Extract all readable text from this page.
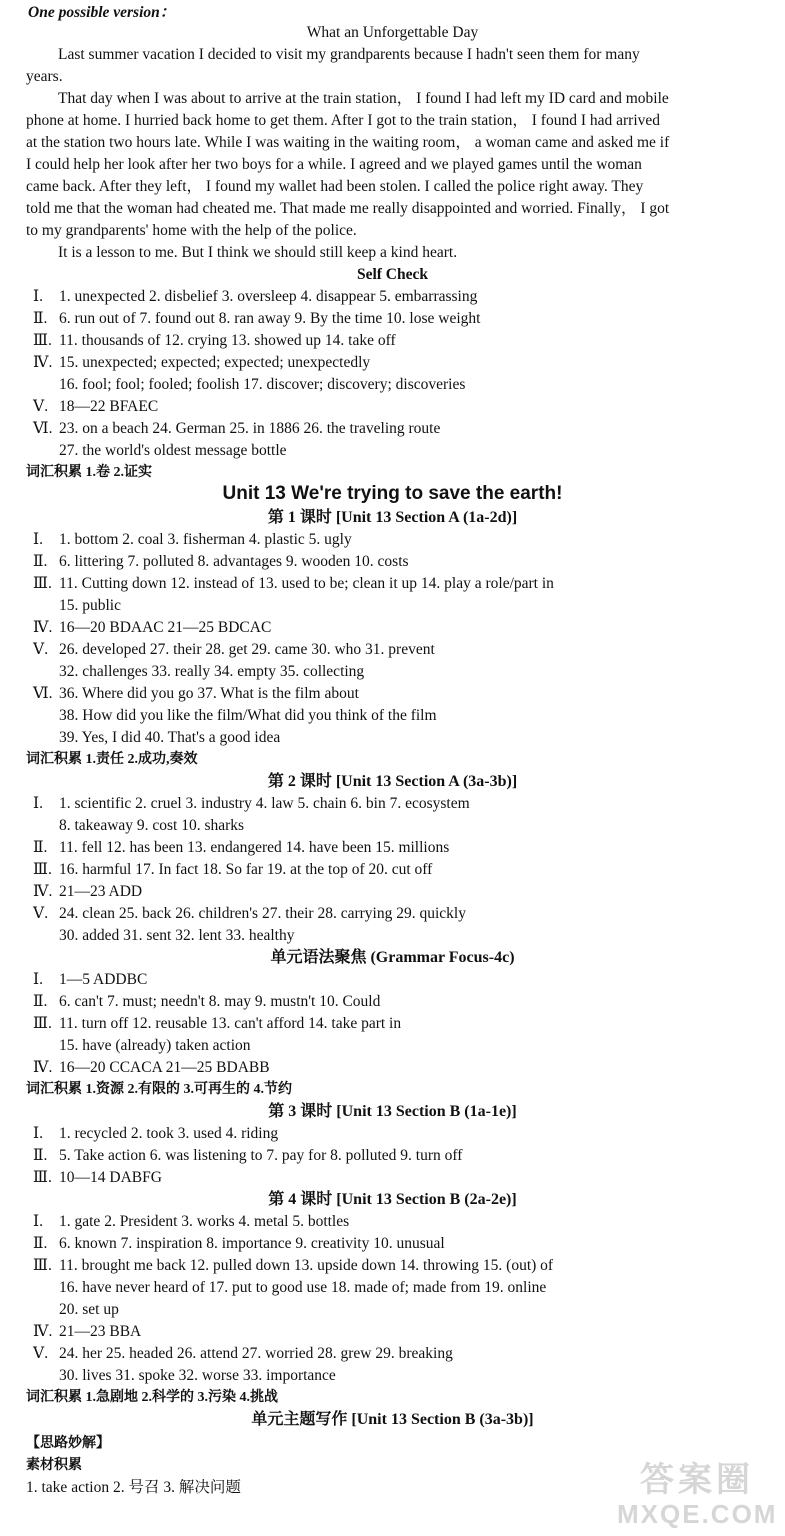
One possible version：
What an Unforgettable Day
Last summer vacation I decided to visit my grandparents because I hadn't seen them for many
years.
That day when I was about to arrive at the train station， I found I had left my ID card and mobile
phone at home. I hurried back home to get them. After I got to the train station， I found I had arrived
at the station two hours late. While I was waiting in the waiting room， a woman came and asked me if
I could help her look after her two boys for a while. I agreed and we played games until the woman
came back. After they left， I found my wallet had been stolen. I called the police right away. They
told me that the woman had cheated me. That made me really disappointed and worried. Finally， I got
to my grandparents' home with the help of the police.
It is a lesson to me. But I think we should still keep a kind heart.
Self Check
Ⅰ. 1. unexpected 2. disbelief 3. oversleep 4. disappear 5. embarrassing
Ⅱ. 6. run out of 7. found out 8. ran away 9. By the time 10. lose weight
Ⅲ. 11. thousands of 12. crying 13. showed up 14. take off
Ⅳ. 15. unexpected; expected; expected; unexpectedly
16. fool; fool; fooled; foolish 17. discover; discovery; discoveries
Ⅴ. 18—22 BFAEC
Ⅵ. 23. on a beach 24. German 25. in 1886 26. the traveling route
27. the world's oldest message bottle
词汇积累 1.卷 2.证实
Unit 13 We're trying to save the earth!
第 1 课时 [Unit 13 Section A (1a-2d)]
Ⅰ. 1. bottom 2. coal 3. fisherman 4. plastic 5. ugly
Ⅱ. 6. littering 7. polluted 8. advantages 9. wooden 10. costs
Ⅲ. 11. Cutting down 12. instead of 13. used to be; clean it up 14. play a role/part in
15. public
Ⅳ. 16—20 BDAAC 21—25 BDCAC
Ⅴ. 26. developed 27. their 28. get 29. came 30. who 31. prevent
32. challenges 33. really 34. empty 35. collecting
Ⅵ. 36. Where did you go 37. What is the film about
38. How did you like the film/What did you think of the film
39. Yes, I did 40. That's a good idea
词汇积累 1.责任 2.成功,奏效
第 2 课时 [Unit 13 Section A (3a-3b)]
Ⅰ. 1. scientific 2. cruel 3. industry 4. law 5. chain 6. bin 7. ecosystem
8. takeaway 9. cost 10. sharks
Ⅱ. 11. fell 12. has been 13. endangered 14. have been 15. millions
Ⅲ. 16. harmful 17. In fact 18. So far 19. at the top of 20. cut off
Ⅳ. 21—23 ADD
Ⅴ. 24. clean 25. back 26. children's 27. their 28. carrying 29. quickly
30. added 31. sent 32. lent 33. healthy
单元语法聚焦 (Grammar Focus-4c)
Ⅰ. 1—5 ADDBC
Ⅱ. 6. can't 7. must; needn't 8. may 9. mustn't 10. Could
Ⅲ. 11. turn off 12. reusable 13. can't afford 14. take part in
15. have (already) taken action
Ⅳ. 16—20 CCACA 21—25 BDABB
词汇积累 1.资源 2.有限的 3.可再生的 4.节约
第 3 课时 [Unit 13 Section B (1a-1e)]
Ⅰ. 1. recycled 2. took 3. used 4. riding
Ⅱ. 5. Take action 6. was listening to 7. pay for 8. polluted 9. turn off
Ⅲ. 10—14 DABFG
第 4 课时 [Unit 13 Section B (2a-2e)]
Ⅰ. 1. gate 2. President 3. works 4. metal 5. bottles
Ⅱ. 6. known 7. inspiration 8. importance 9. creativity 10. unusual
Ⅲ. 11. brought me back 12. pulled down 13. upside down 14. throwing 15. (out) of
16. have never heard of 17. put to good use 18. made of; made from 19. online
20. set up
Ⅳ. 21—23 BBA
Ⅴ. 24. her 25. headed 26. attend 27. worried 28. grew 29. breaking
30. lives 31. spoke 32. worse 33. importance
词汇积累 1.急剧地 2.科学的 3.污染 4.挑战
单元主题写作 [Unit 13 Section B (3a-3b)]
【思路妙解】
素材积累
1. take action 2. 号召 3. 解决问题	答案圈
MXQE.COM
